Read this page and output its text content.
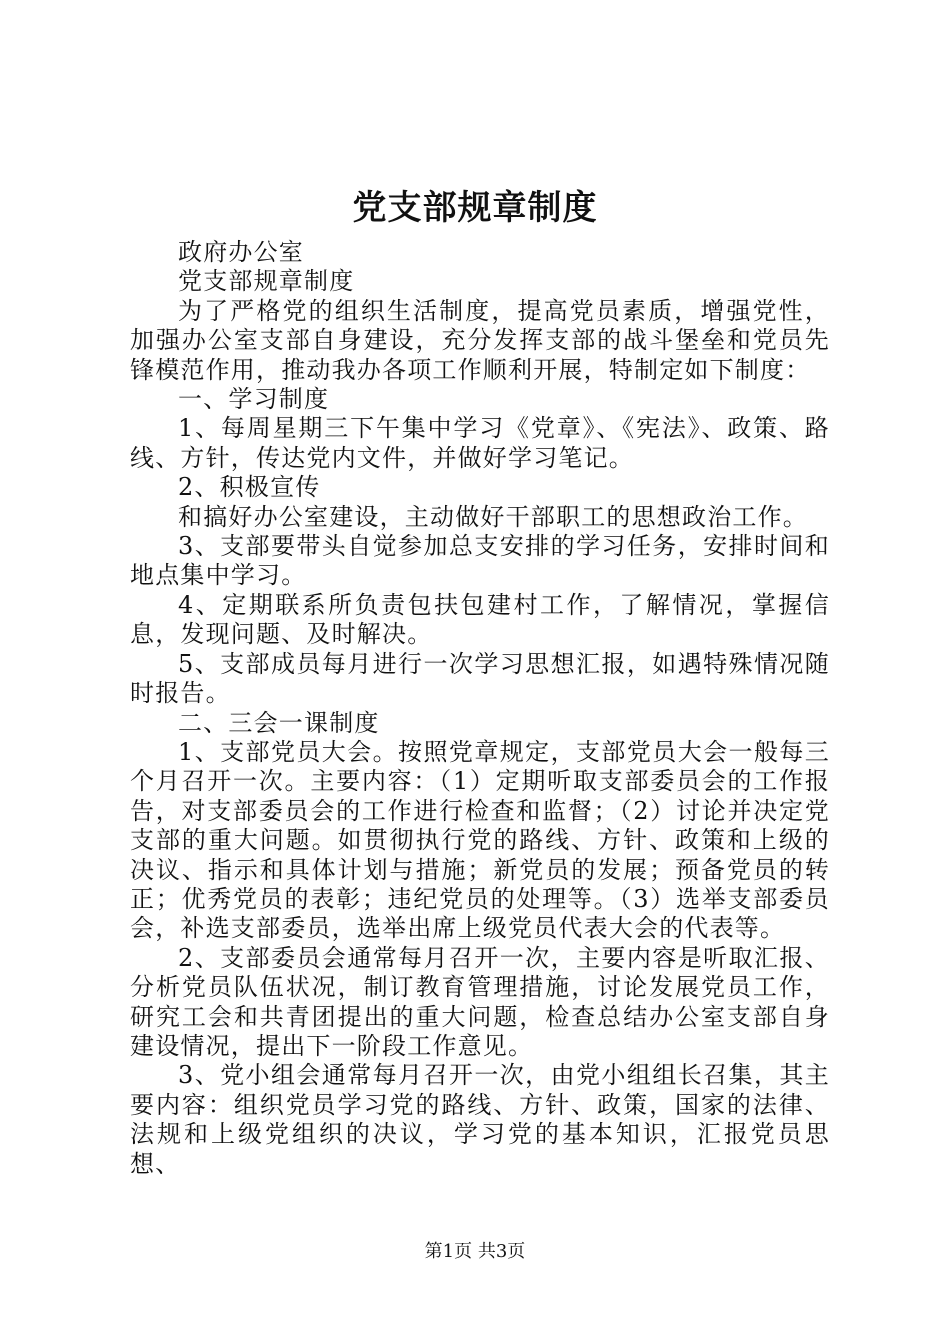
党支部规章制度

政府办公室

党支部规章制度

为了严格党的组织生活制度，提高党员素质，增强党性，加强办公室支部自身建设，充分发挥支部的战斗堡垒和党员先锋模范作用，推动我办各项工作顺利开展，特制定如下制度：

一、学习制度

1、每周星期三下午集中学习《党章》、《宪法》、政策、路线、方针，传达党内文件，并做好学习笔记。

2、积极宣传

和搞好办公室建设，主动做好干部职工的思想政治工作。

3、支部要带头自觉参加总支安排的学习任务，安排时间和地点集中学习。

4、定期联系所负责包扶包建村工作，了解情况，掌握信息，发现问题、及时解决。

5、支部成员每月进行一次学习思想汇报，如遇特殊情况随时报告。

二、三会一课制度

1、支部党员大会。按照党章规定，支部党员大会一般每三个月召开一次。主要内容：（1）定期听取支部委员会的工作报告，对支部委员会的工作进行检查和监督；（2）讨论并决定党支部的重大问题。如贯彻执行党的路线、方针、政策和上级的决议、指示和具体计划与措施；新党员的发展；预备党员的转正；优秀党员的表彰；违纪党员的处理等。（3）选举支部委员会，补选支部委员，选举出席上级党员代表大会的代表等。

2、支部委员会通常每月召开一次，主要内容是听取汇报、分析党员队伍状况，制订教育管理措施，讨论发展党员工作，研究工会和共青团提出的重大问题，检查总结办公室支部自身建设情况，提出下一阶段工作意见。

3、党小组会通常每月召开一次，由党小组组长召集，其主要内容：组织党员学习党的路线、方针、政策，国家的法律、法规和上级党组织的决议，学习党的基本知识，汇报党员思想、

第1页 共3页
